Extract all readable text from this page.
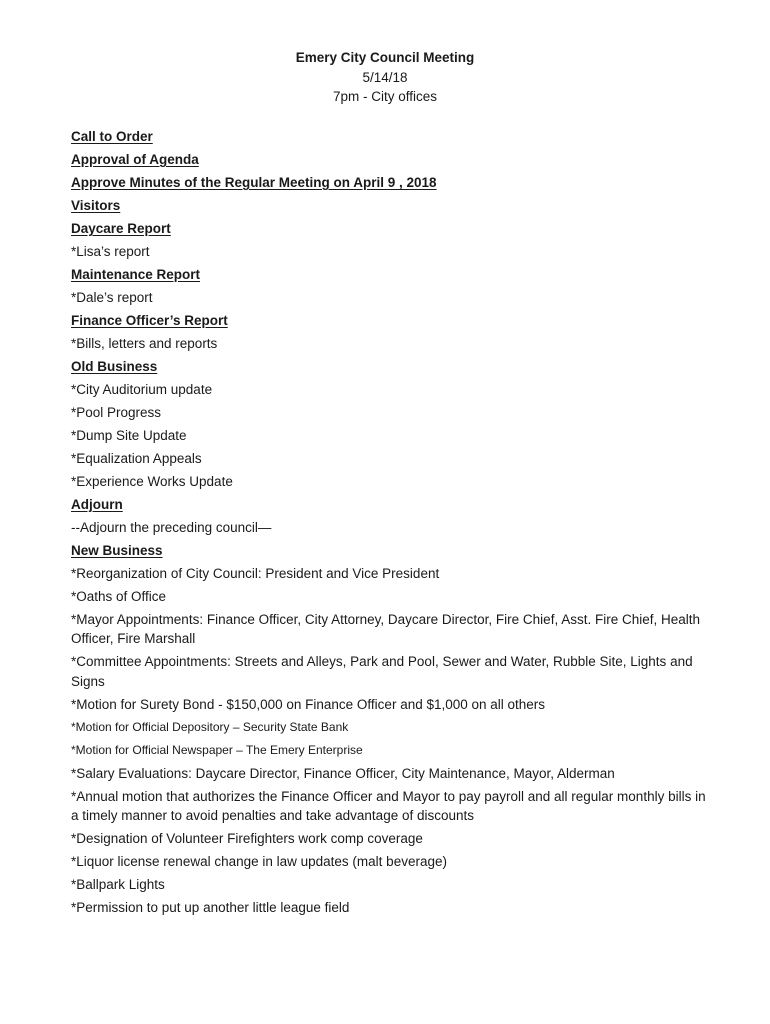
Emery City Council Meeting
5/14/18
7pm - City offices
Call to Order
Approval of Agenda
Approve Minutes of the Regular Meeting on April 9 , 2018
Visitors
Daycare Report
*Lisa’s report
Maintenance Report
*Dale’s report
Finance Officer’s Report
*Bills, letters and reports
Old Business
*City Auditorium update
*Pool Progress
*Dump Site Update
*Equalization Appeals
*Experience Works Update
Adjourn
--Adjourn the preceding council—
New Business
*Reorganization of City Council: President and Vice President
*Oaths of Office
*Mayor Appointments: Finance Officer, City Attorney, Daycare Director, Fire Chief, Asst. Fire Chief, Health Officer, Fire Marshall
*Committee Appointments: Streets and Alleys, Park and Pool, Sewer and Water, Rubble Site, Lights and Signs
*Motion for Surety Bond - $150,000 on Finance Officer and $1,000 on all others
*Motion for Official Depository – Security State Bank
*Motion for Official Newspaper – The Emery Enterprise
*Salary Evaluations: Daycare Director, Finance Officer, City Maintenance, Mayor, Alderman
*Annual motion that authorizes the Finance Officer and Mayor to pay payroll and all regular monthly bills in a timely manner to avoid penalties and take advantage of discounts
*Designation of Volunteer Firefighters work comp coverage
*Liquor license renewal change in law updates (malt beverage)
*Ballpark Lights
*Permission to put up another little league field
